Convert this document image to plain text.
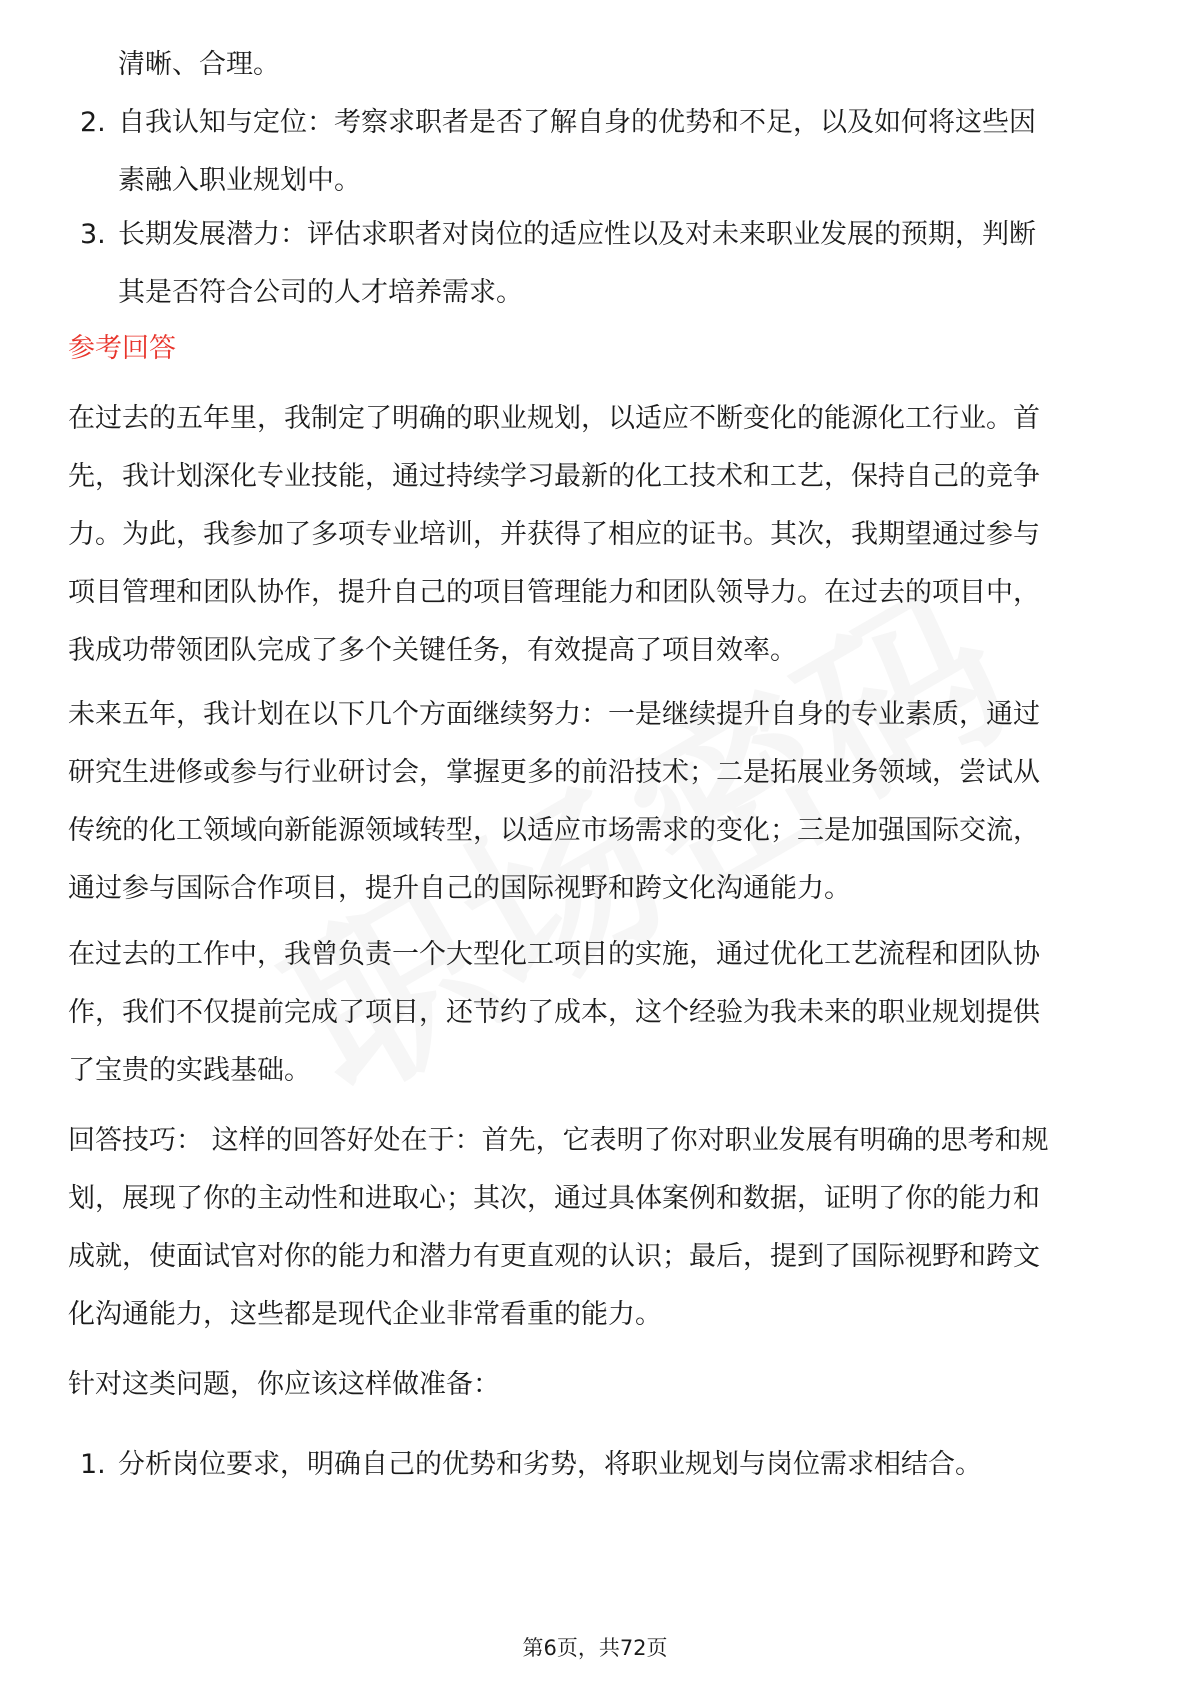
清晰、合理。
2. 自我认知与定位：考察求职者是否了解自身的优势和不足，以及如何将这些因
素融入职业规划中。
3. 长期发展潜力：评估求职者对岗位的适应性以及对未来职业发展的预期，判断
其是否符合公司的人才培养需求。
参考回答
在过去的五年里，我制定了明确的职业规划，以适应不断变化的能源化工行业。首
先，我计划深化专业技能，通过持续学习最新的化工技术和工艺，保持自己的竞争
力。为此，我参加了多项专业培训，并获得了相应的证书。其次，我期望通过参与
项目管理和团队协作，提升自己的项目管理能力和团队领导力。在过去的项目中，
我成功带领团队完成了多个关键任务，有效提高了项目效率。
未来五年，我计划在以下几个方面继续努力：一是继续提升自身的专业素质，通过
研究生进修或参与行业研讨会，掌握更多的前沿技术；二是拓展业务领域，尝试从
传统的化工领域向新能源领域转型，以适应市场需求的变化；三是加强国际交流，
通过参与国际合作项目，提升自己的国际视野和跨文化沟通能力。
在过去的工作中，我曾负责一个大型化工项目的实施，通过优化工艺流程和团队协
作，我们不仅提前完成了项目，还节约了成本，这个经验为我未来的职业规划提供
了宝贵的实践基础。
回答技巧： 这样的回答好处在于：首先，它表明了你对职业发展有明确的思考和规
划，展现了你的主动性和进取心；其次，通过具体案例和数据，证明了你的能力和
成就，使面试官对你的能力和潜力有更直观的认识；最后，提到了国际视野和跨文
化沟通能力，这些都是现代企业非常看重的能力。
针对这类问题，你应该这样做准备：
1. 分析岗位要求，明确自己的优势和劣势，将职业规划与岗位需求相结合。
第6页，共72页
